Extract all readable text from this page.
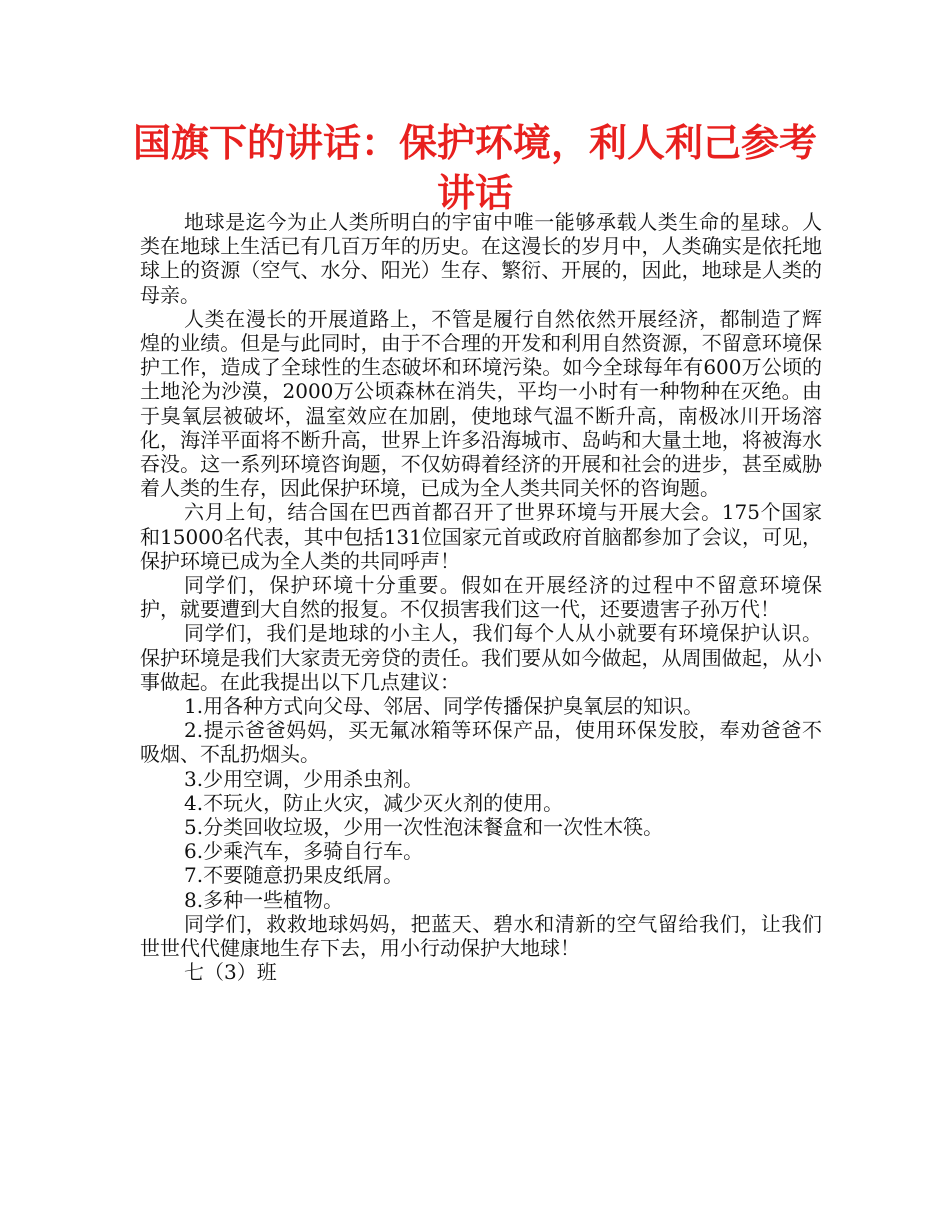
国旗下的讲话：保护环境，利人利己参考讲话

地球是迄今为止人类所明白的宇宙中唯一能够承载人类生命的星球。人类在地球上生活已有几百万年的历史。在这漫长的岁月中，人类确实是依托地球上的资源（空气、水分、阳光）生存、繁衍、开展的，因此，地球是人类的母亲。

人类在漫长的开展道路上，不管是履行自然依然开展经济，都制造了辉煌的业绩。但是与此同时，由于不合理的开发和利用自然资源，不留意环境保护工作，造成了全球性的生态破坏和环境污染。如今全球每年有600万公顷的土地沦为沙漠，2000万公顷森林在消失，平均一小时有一种物种在灭绝。由于臭氧层被破坏，温室效应在加剧，使地球气温不断升高，南极冰川开场溶化，海洋平面将不断升高，世界上许多沿海城市、岛屿和大量土地，将被海水吞没。这一系列环境咨询题，不仅妨碍着经济的开展和社会的进步，甚至威胁着人类的生存，因此保护环境，已成为全人类共同关怀的咨询题。

六月上旬，结合国在巴西首都召开了世界环境与开展大会。175个国家和15000名代表，其中包括131位国家元首或政府首脑都参加了会议，可见，保护环境已成为全人类的共同呼声！

同学们，保护环境十分重要。假如在开展经济的过程中不留意环境保护，就要遭到大自然的报复。不仅损害我们这一代，还要遗害子孙万代！

同学们，我们是地球的小主人，我们每个人从小就要有环境保护认识。保护环境是我们大家责无旁贷的责任。我们要从如今做起，从周围做起，从小事做起。在此我提出以下几点建议：

1.用各种方式向父母、邻居、同学传播保护臭氧层的知识。

2.提示爸爸妈妈，买无氟冰箱等环保产品，使用环保发胶，奉劝爸爸不吸烟、不乱扔烟头。

3.少用空调，少用杀虫剂。

4.不玩火，防止火灾，减少灭火剂的使用。

5.分类回收垃圾，少用一次性泡沫餐盒和一次性木筷。

6.少乘汽车，多骑自行车。

7.不要随意扔果皮纸屑。

8.多种一些植物。

同学们，救救地球妈妈，把蓝天、碧水和清新的空气留给我们，让我们世世代代健康地生存下去，用小行动保护大地球！

七（3）班
